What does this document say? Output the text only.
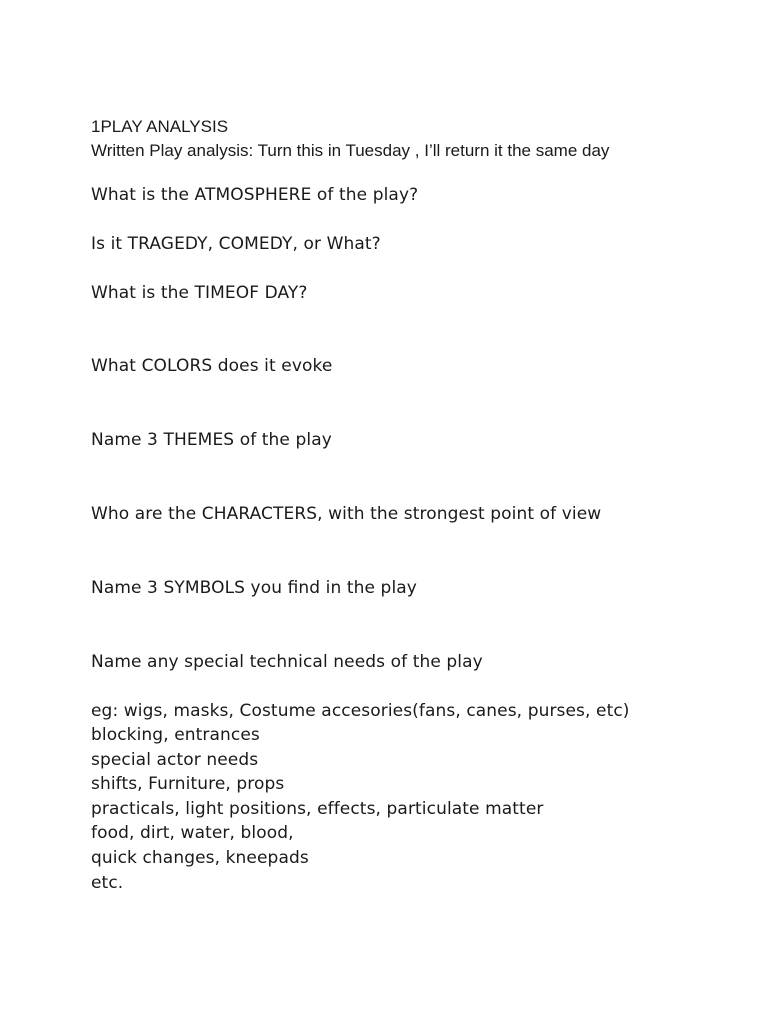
1PLAY ANALYSIS
Written Play analysis: Turn this in Tuesday , I’ll return it the same day
What is the ATMOSPHERE of the play?
Is it TRAGEDY, COMEDY, or What?
What is the TIMEOF DAY?
What COLORS does it evoke
Name 3 THEMES of the play
Who are the CHARACTERS, with the strongest point of view
Name 3 SYMBOLS you ﬁnd in the play
Name any special technical needs of the play
eg: wigs, masks, Costume accesories(fans, canes, purses, etc)
blocking, entrances
special actor needs
shifts, Furniture, props
practicals, light positions, effects, particulate matter
food, dirt, water, blood,
quick changes, kneepads
etc.
